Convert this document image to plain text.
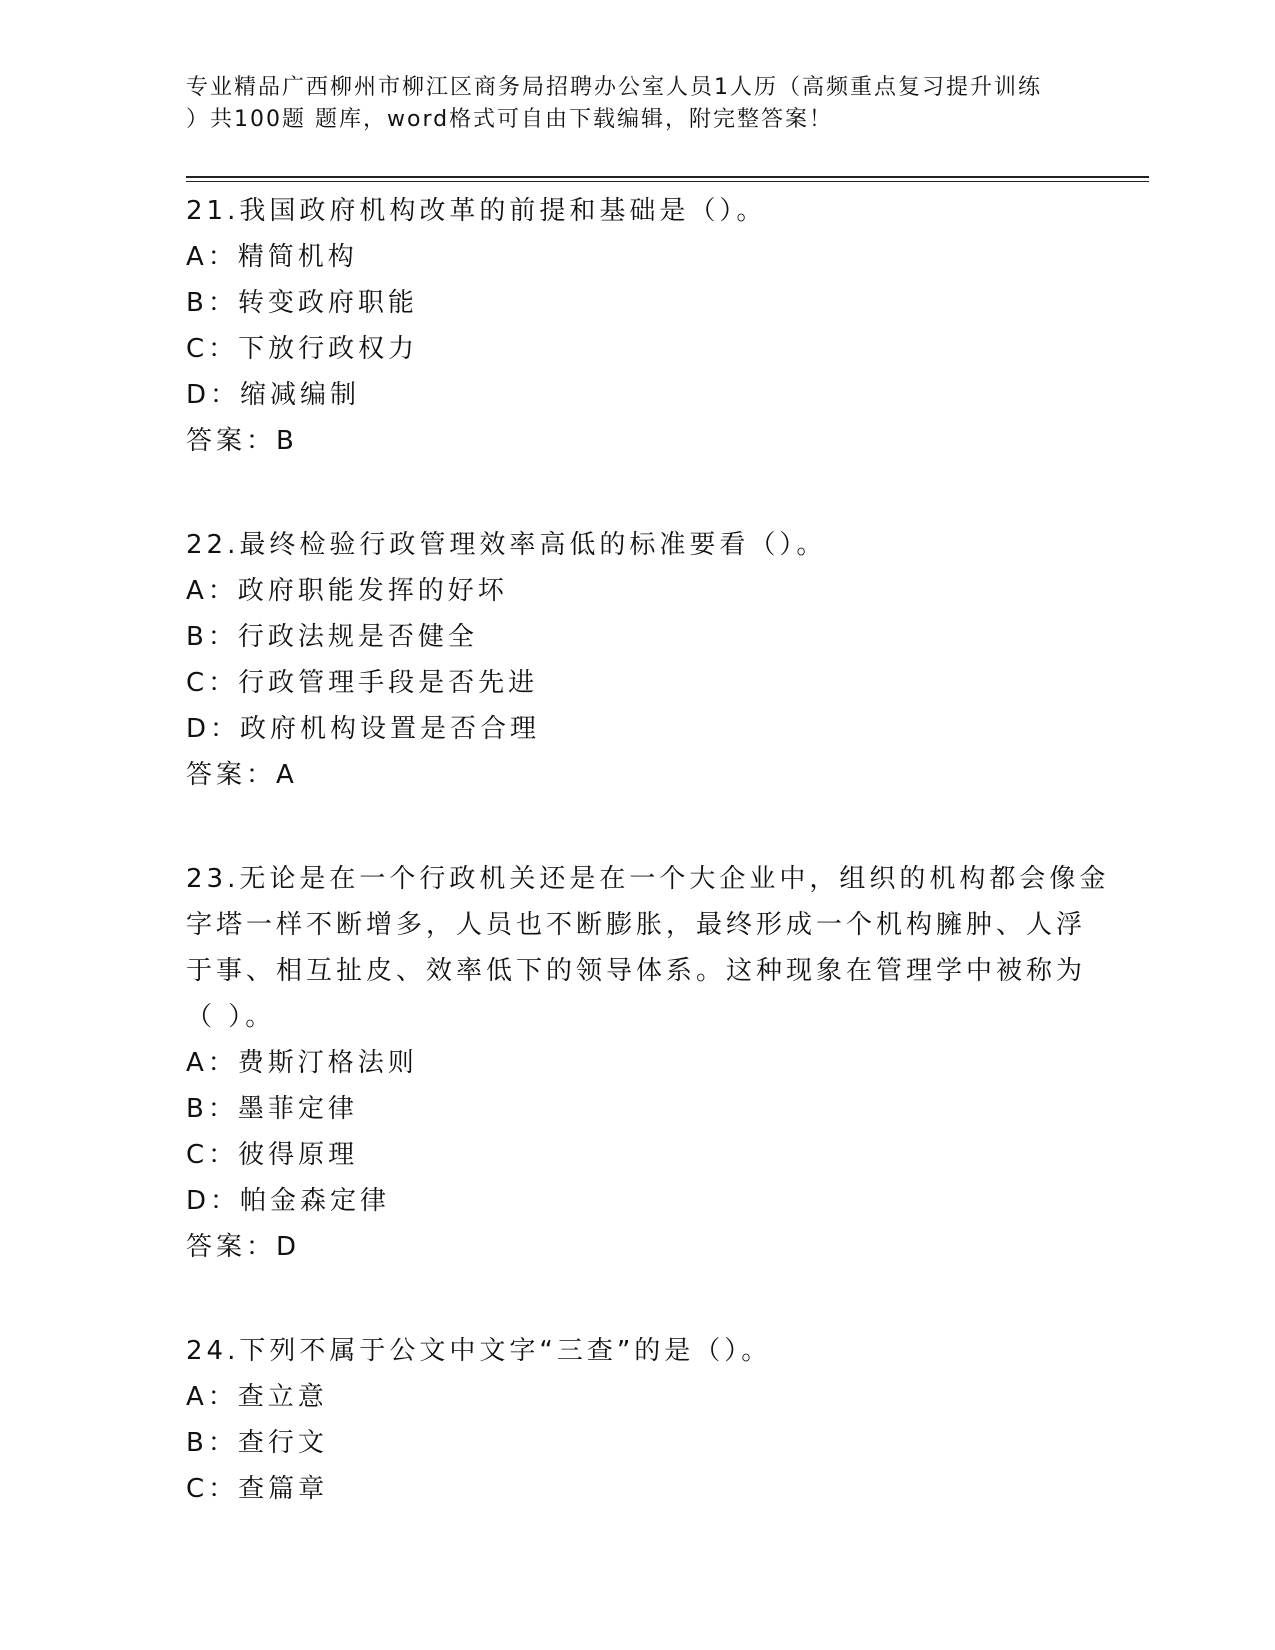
专业精品广西柳州市柳江区商务局招聘办公室人员1人历（高频重点复习提升训练

）共100题 题库，word格式可自由下载编辑，附完整答案！
21.我国政府机构改革的前提和基础是（）。
A：精简机构
B：转变政府职能
C：下放行政权力
D：缩减编制
答案：B
22.最终检验行政管理效率高低的标准要看（）。
A：政府职能发挥的好坏
B：行政法规是否健全
C：行政管理手段是否先进
D：政府机构设置是否合理
答案：A
23.无论是在一个行政机关还是在一个大企业中，组织的机构都会像金
字塔一样不断增多，人员也不断膨胀，最终形成一个机构臃肿、人浮
于事、相互扯皮、效率低下的领导体系。这种现象在管理学中被称为
（ ）。
A：费斯汀格法则
B：墨菲定律
C：彼得原理
D：帕金森定律
答案：D
24.下列不属于公文中文字“三查”的是（）。
A：查立意
B：查行文
C：查篇章
